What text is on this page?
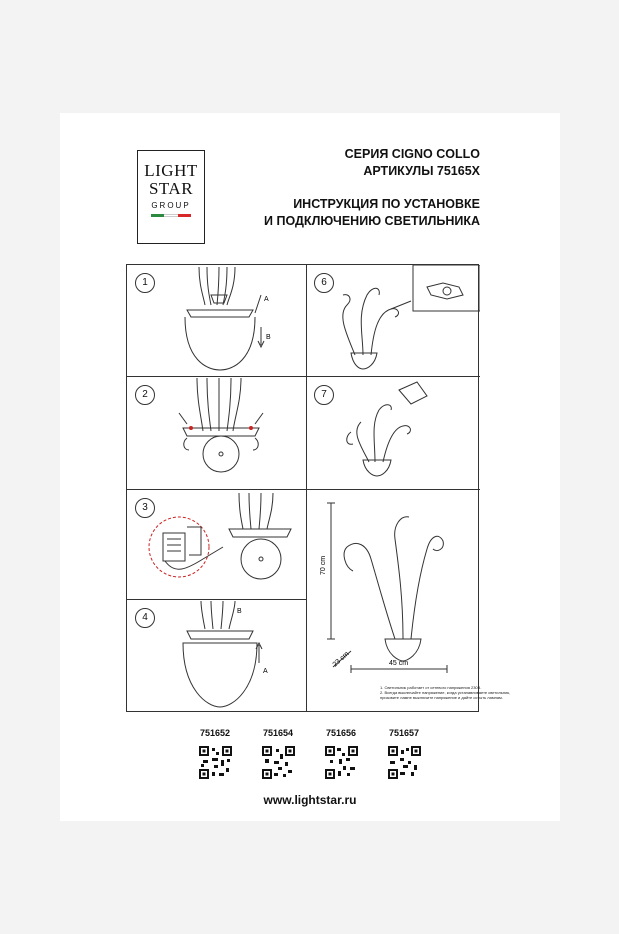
LIGHT
STAR
GROUP
СЕРИЯ CIGNO COLLO
АРТИКУЛЫ 75165X
ИНСТРУКЦИЯ ПО УСТАНОВКЕ
И ПОДКЛЮЧЕНИЮ СВЕТИЛЬНИКА
1
A
B
2
3
4
B
A
6
7
70 cm
23 cm	45 cm
1. Светильник работает от сетевого напряжения 230В.
2. Всегда выключайте напряжение, когда устанавливаете светильник,
призовите лампе выключите напряжение и дайте остыть лампам.
751652	751654	751656	751657
www.lightstar.ru
